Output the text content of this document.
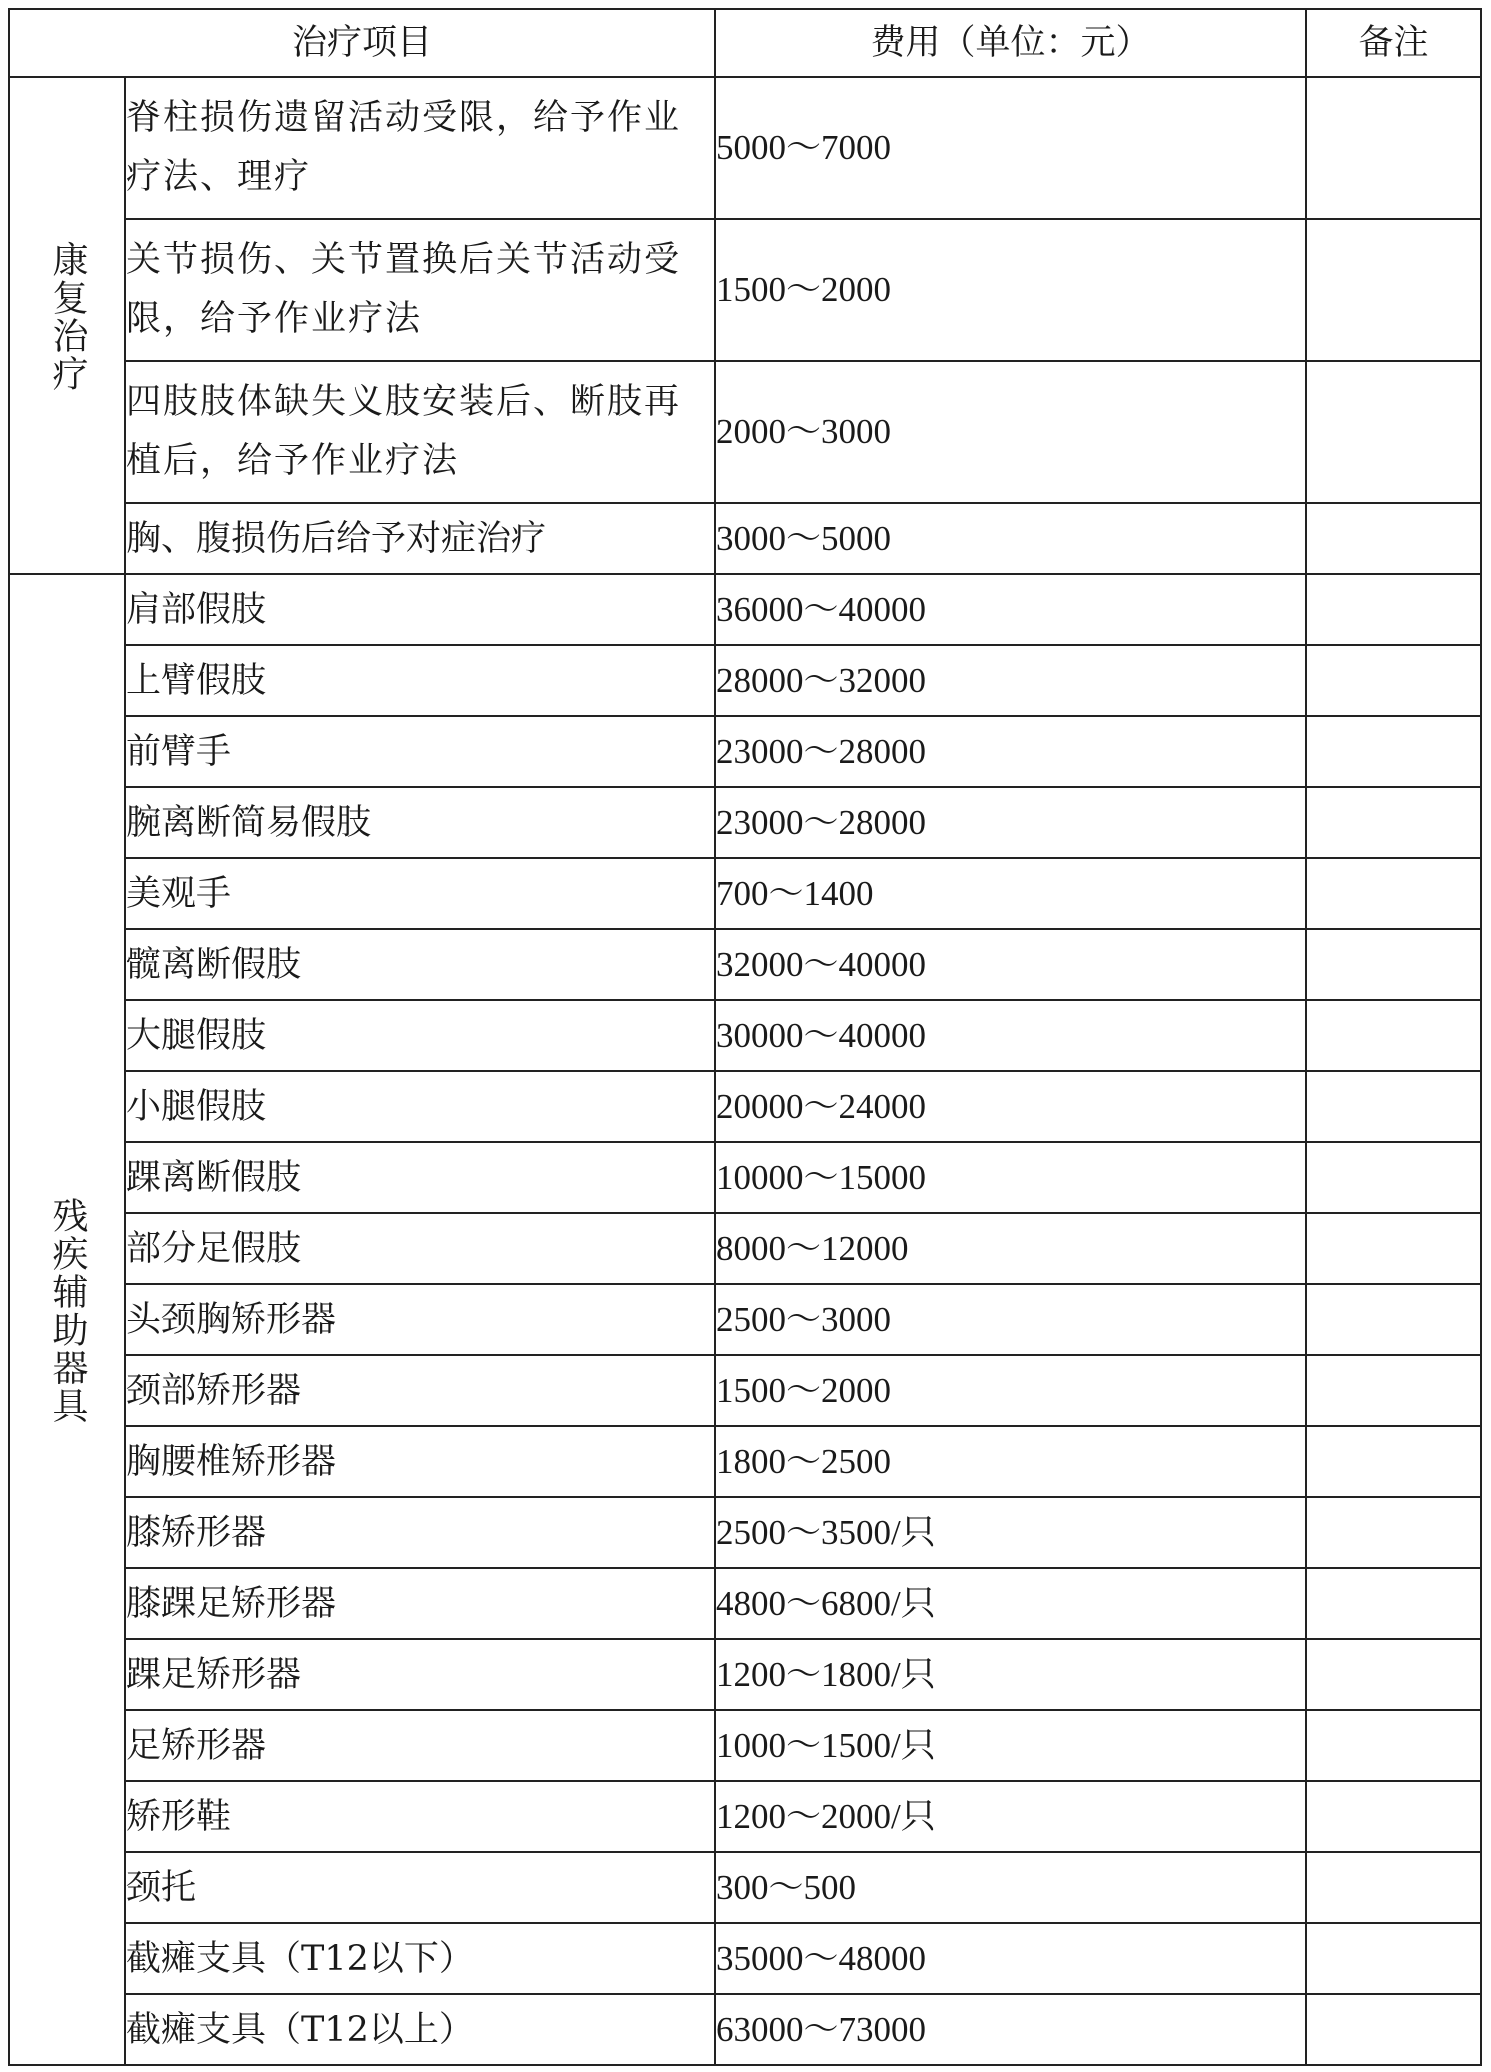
治疗项目		费用（单位：元）	备注
康复治疗	脊柱损伤遗留活动受限，给予作业疗法、理疗	5000～7000	
	关节损伤、关节置换后关节活动受限，给予作业疗法	1500～2000	
	四肢肢体缺失义肢安装后、断肢再植后，给予作业疗法	2000～3000	
	胸、腹损伤后给予对症治疗	3000～5000	
残疾辅助器具	肩部假肢	36000～40000	
	上臂假肢	28000～32000	
	前臂手	23000～28000	
	腕离断简易假肢	23000～28000	
	美观手	700～1400	
	髋离断假肢	32000～40000	
	大腿假肢	30000～40000	
	小腿假肢	20000～24000	
	踝离断假肢	10000～15000	
	部分足假肢	8000～12000	
	头颈胸矫形器	2500～3000	
	颈部矫形器	1500～2000	
	胸腰椎矫形器	1800～2500	
	膝矫形器	2500～3500/只	
	膝踝足矫形器	4800～6800/只	
	踝足矫形器	1200～1800/只	
	足矫形器	1000～1500/只	
	矫形鞋	1200～2000/只	
	颈托	300～500	
	截瘫支具（T12以下）	35000～48000	
	截瘫支具（T12以上）	63000～73000	
